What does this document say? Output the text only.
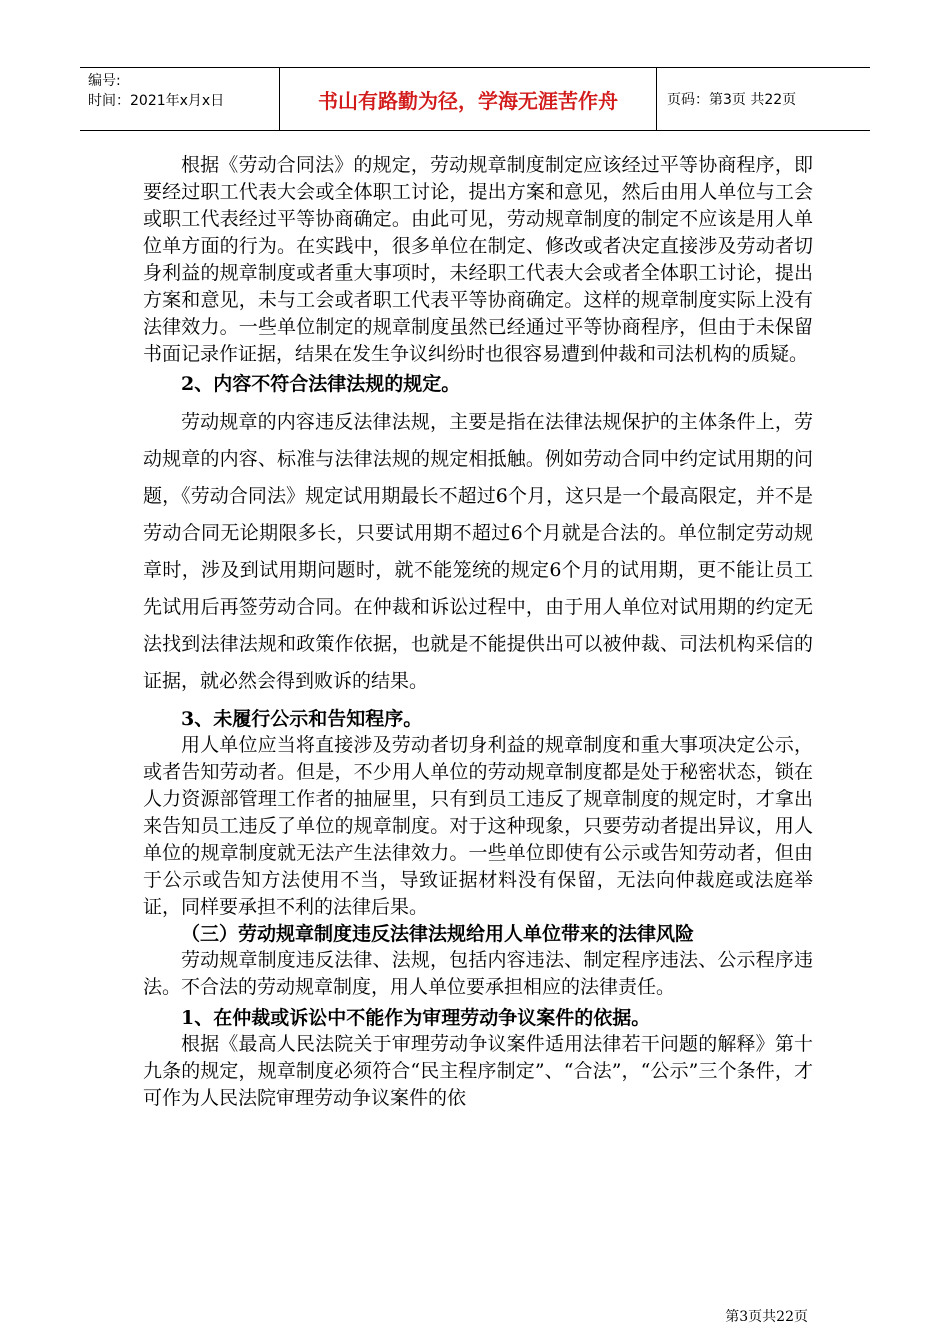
编号:
时间：2021年x月x日	书山有路勤为径，学海无涯苦作舟	页码：第3页 共22页

根据《劳动合同法》的规定，劳动规章制度制定应该经过平等协商程序，即要经过职工代表大会或全体职工讨论，提出方案和意见，然后由用人单位与工会或职工代表经过平等协商确定。由此可见，劳动规章制度的制定不应该是用人单位单方面的行为。在实践中，很多单位在制定、修改或者决定直接涉及劳动者切身利益的规章制度或者重大事项时，未经职工代表大会或者全体职工讨论，提出方案和意见，未与工会或者职工代表平等协商确定。这样的规章制度实际上没有法律效力。一些单位制定的规章制度虽然已经通过平等协商程序，但由于未保留书面记录作证据，结果在发生争议纠纷时也很容易遭到仲裁和司法机构的质疑。

2、内容不符合法律法规的规定。

劳动规章的内容违反法律法规，主要是指在法律法规保护的主体条件上，劳动规章的内容、标准与法律法规的规定相抵触。例如劳动合同中约定试用期的问题，《劳动合同法》规定试用期最长不超过6个月，这只是一个最高限定，并不是劳动合同无论期限多长，只要试用期不超过6个月就是合法的。单位制定劳动规章时，涉及到试用期问题时，就不能笼统的规定6个月的试用期，更不能让员工先试用后再签劳动合同。在仲裁和诉讼过程中，由于用人单位对试用期的约定无法找到法律法规和政策作依据，也就是不能提供出可以被仲裁、司法机构采信的证据，就必然会得到败诉的结果。

3、未履行公示和告知程序。

用人单位应当将直接涉及劳动者切身利益的规章制度和重大事项决定公示，或者告知劳动者。但是，不少用人单位的劳动规章制度都是处于秘密状态，锁在人力资源部管理工作者的抽屉里，只有到员工违反了规章制度的规定时，才拿出来告知员工违反了单位的规章制度。对于这种现象，只要劳动者提出异议，用人单位的规章制度就无法产生法律效力。一些单位即使有公示或告知劳动者，但由于公示或告知方法使用不当，导致证据材料没有保留，无法向仲裁庭或法庭举证，同样要承担不利的法律后果。

（三）劳动规章制度违反法律法规给用人单位带来的法律风险

劳动规章制度违反法律、法规，包括内容违法、制定程序违法、公示程序违法。不合法的劳动规章制度，用人单位要承担相应的法律责任。

1、在仲裁或诉讼中不能作为审理劳动争议案件的依据。

根据《最高人民法院关于审理劳动争议案件适用法律若干问题的解释》第十九条的规定，规章制度必须符合“民主程序制定”、“合法”，“公示”三个条件，才可作为人民法院审理劳动争议案件的依

第3页共22页
